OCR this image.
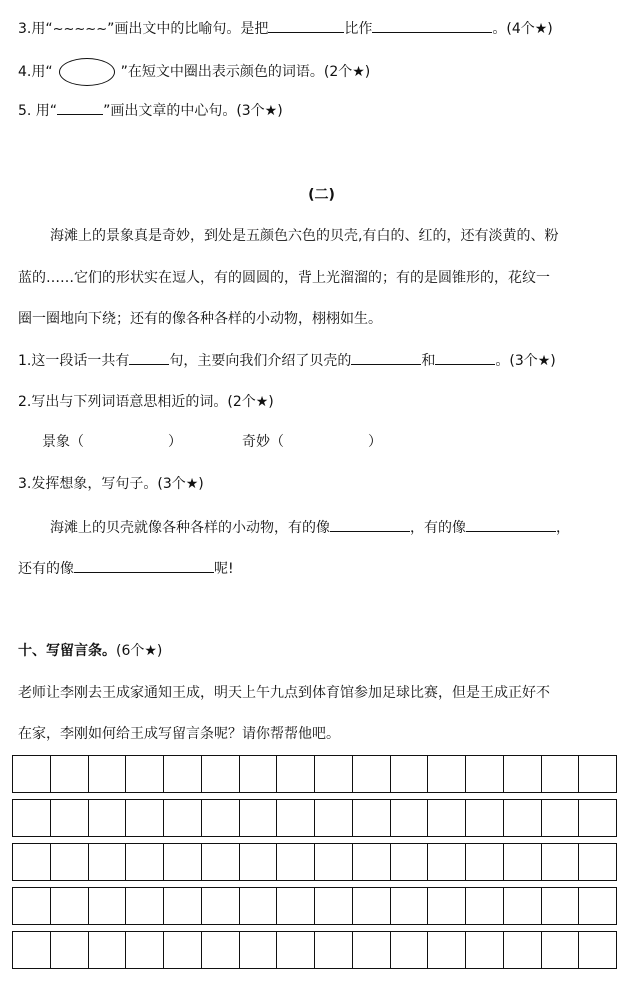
3.用“~~~~~”画出文中的比喻句。是把	比作	。(4个★)
4.用“	”在短文中圈出表示颜色的词语。(2个★)
5. 用“	”画出文章的中心句。(3个★)
(二)
海滩上的景象真是奇妙，到处是五颜色六色的贝壳,有白的、红的，还有淡黄的、粉
蓝的……它们的形状实在逗人，有的圆圆的，背上光溜溜的；有的是圆锥形的，花纹一
圈一圈地向下绕；还有的像各种各样的小动物，栩栩如生。
1.这一段话一共有	句，主要向我们介绍了贝壳的	和	。(3个★)
2.写出与下列词语意思相近的词。(2个★)
景象（	）	奇妙（	）
3.发挥想象，写句子。(3个★)
海滩上的贝壳就像各种各样的小动物，有的像	，有的像	，
还有的像	呢!
十、写留言条。(6个★)
老师让李刚去王成家通知王成，明天上午九点到体育馆参加足球比赛，但是王成正好不
在家，李刚如何给王成写留言条呢？请你帮帮他吧。
